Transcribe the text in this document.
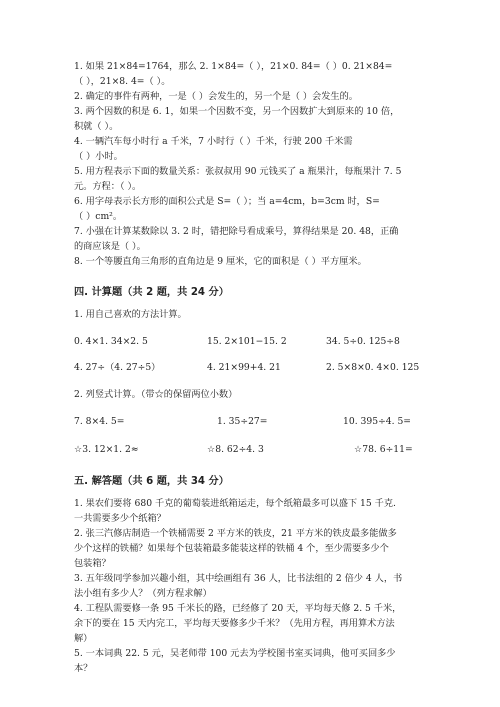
1. 如果 21×84=1764，那么 2. 1×84=（ ），21×0. 84=（ ）0. 21×84=
（ ），21×8. 4=（ ）。
2. 确定的事件有两种，一是（ ）会发生的，另一个是（ ）会发生的。
3. 两个因数的积是 6. 1，如果一个因数不变，另一个因数扩大到原来的 10 倍，
积就（ ）。
4. 一辆汽车每小时行 a 千米，7 小时行（ ）千米，行驶 200 千米需
（ ）小时。
5. 用方程表示下面的数量关系：张叔叔用 90 元钱买了 a 瓶果汁，每瓶果汁 7. 5
元。方程：（ ）。
6. 用字母表示长方形的面积公式是 S=（ ）；当 a=4cm，b=3cm 时，S=
（ ）cm²。
7. 小强在计算某数除以 3. 2 时，错把除号看成乘号，算得结果是 20. 48，正确
的商应该是（ ）。
8. 一个等腰直角三角形的直角边是 9 厘米，它的面积是（ ）平方厘米。
四. 计算题（共 2 题，共 24 分）
1. 用自己喜欢的方法计算。
0. 4×1. 34×2. 5	15. 2×101−15. 2	34. 5÷0. 125÷8
4. 27÷（4. 27÷5）	4. 21×99+4. 21	2. 5×8×0. 4×0. 125
2. 列竖式计算。（带☆的保留两位小数）
7. 8×4. 5=	1. 35÷27=	10. 395÷4. 5=
☆3. 12×1. 2≈	☆8. 62÷4. 3	☆78. 6÷11=
五. 解答题（共 6 题，共 34 分）
1. 果农们要将 680 千克的葡萄装进纸箱运走，每个纸箱最多可以盛下 15 千克.
一共需要多少个纸箱？
2. 张三汽修店制造一个铁桶需要 2 平方米的铁皮，21 平方米的铁皮最多能做多
少个这样的铁桶？如果每个包装箱最多能装这样的铁桶 4 个，至少需要多少个
包装箱？
3. 五年级同学参加兴趣小组，其中绘画组有 36 人，比书法组的 2 倍少 4 人，书
法小组有多少人？（列方程求解）
4. 工程队需要修一条 95 千米长的路，已经修了 20 天，平均每天修 2. 5 千米，
余下的要在 15 天内完工，平均每天要修多少千米？（先用方程，再用算术方法
解）
5. 一本词典 22. 5 元，吴老师带 100 元去为学校图书室买词典，他可买回多少
本？
